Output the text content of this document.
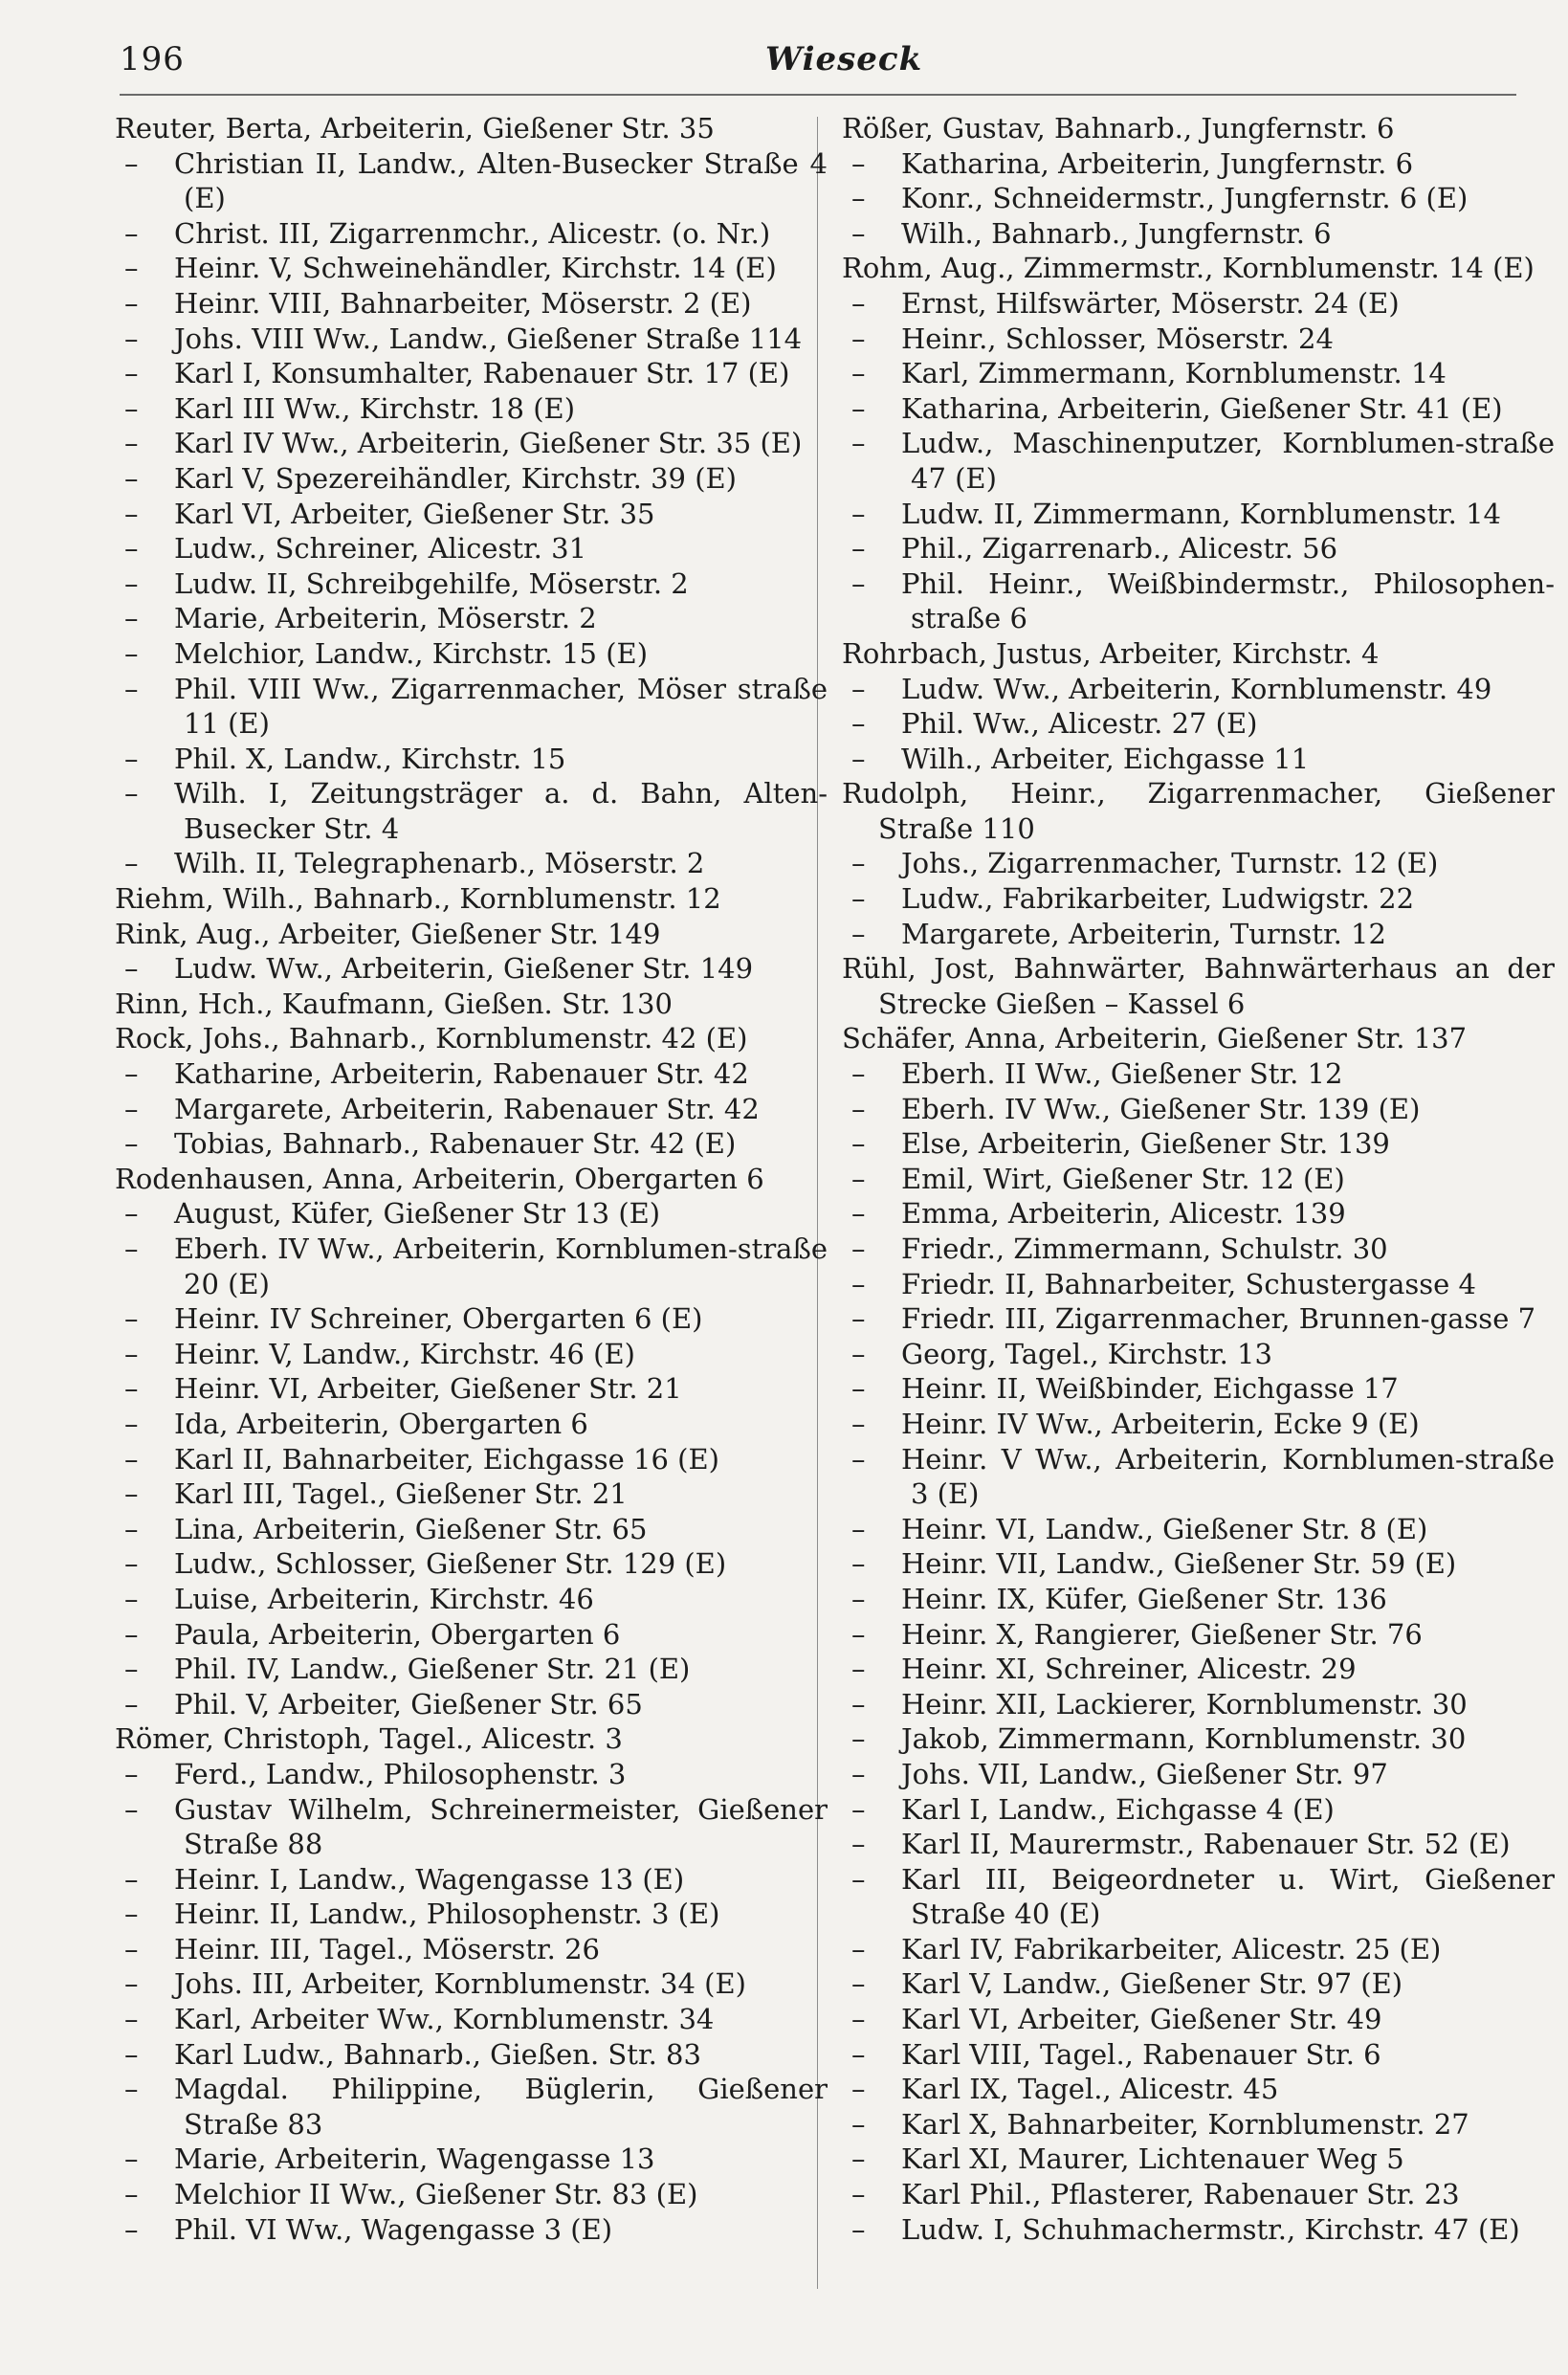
196	Wieseck
Reuter, Berta, Arbeiterin, Gießener Str. 35
– Christian II, Landw., Alten-Busecker Straße 4 (E)
– Christ. III, Zigarrenmchr., Alicestr. (o. Nr.)
– Heinr. V, Schweinehändler, Kirchstr. 14 (E)
– Heinr. VIII, Bahnarbeiter, Möserstr. 2 (E)
– Johs. VIII Ww., Landw., Gießener Straße 114
– Karl I, Konsumhalter, Rabenauer Str. 17 (E)
– Karl III Ww., Kirchstr. 18 (E)
– Karl IV Ww., Arbeiterin, Gießener Str. 35 (E)
– Karl V, Spezereihändler, Kirchstr. 39 (E)
– Karl VI, Arbeiter, Gießener Str. 35
– Ludw., Schreiner, Alicestr. 31
– Ludw. II, Schreibgehilfe, Möserstr. 2
– Marie, Arbeiterin, Möserstr. 2
– Melchior, Landw., Kirchstr. 15 (E)
– Phil. VIII Ww., Zigarrenmacher, Möser straße 11 (E)
– Phil. X, Landw., Kirchstr. 15
– Wilh. I, Zeitungsträger a. d. Bahn, Alten-Busecker Str. 4
– Wilh. II, Telegraphenarb., Möserstr. 2
Riehm, Wilh., Bahnarb., Kornblumenstr. 12
Rink, Aug., Arbeiter, Gießener Str. 149
– Ludw. Ww., Arbeiterin, Gießener Str. 149
Rinn, Hch., Kaufmann, Gießen. Str. 130
Rock, Johs., Bahnarb., Kornblumenstr. 42 (E)
– Katharine, Arbeiterin, Rabenauer Str. 42
– Margarete, Arbeiterin, Rabenauer Str. 42
– Tobias, Bahnarb., Rabenauer Str. 42 (E)
Rodenhausen, Anna, Arbeiterin, Obergarten 6
– August, Küfer, Gießener Str 13 (E)
– Eberh. IV Ww., Arbeiterin, Kornblumen-straße 20 (E)
– Heinr. IV Schreiner, Obergarten 6 (E)
– Heinr. V, Landw., Kirchstr. 46 (E)
– Heinr. VI, Arbeiter, Gießener Str. 21
– Ida, Arbeiterin, Obergarten 6
– Karl II, Bahnarbeiter, Eichgasse 16 (E)
– Karl III, Tagel., Gießener Str. 21
– Lina, Arbeiterin, Gießener Str. 65
– Ludw., Schlosser, Gießener Str. 129 (E)
– Luise, Arbeiterin, Kirchstr. 46
– Paula, Arbeiterin, Obergarten 6
– Phil. IV, Landw., Gießener Str. 21 (E)
– Phil. V, Arbeiter, Gießener Str. 65
Römer, Christoph, Tagel., Alicestr. 3
– Ferd., Landw., Philosophenstr. 3
– Gustav Wilhelm, Schreinermeister, Gießener Straße 88
– Heinr. I, Landw., Wagengasse 13 (E)
– Heinr. II, Landw., Philosophenstr. 3 (E)
– Heinr. III, Tagel., Möserstr. 26
– Johs. III, Arbeiter, Kornblumenstr. 34 (E)
– Karl, Arbeiter Ww., Kornblumenstr. 34
– Karl Ludw., Bahnarb., Gießen. Str. 83
– Magdal. Philippine, Büglerin, Gießener Straße 83
– Marie, Arbeiterin, Wagengasse 13
– Melchior II Ww., Gießener Str. 83 (E)
– Phil. VI Ww., Wagengasse 3 (E)
Rößer, Gustav, Bahnarb., Jungfernstr. 6
– Katharina, Arbeiterin, Jungfernstr. 6
– Konr., Schneidermstr., Jungfernstr. 6 (E)
– Wilh., Bahnarb., Jungfernstr. 6
Rohm, Aug., Zimmermstr., Kornblumenstr. 14 (E)
– Ernst, Hilfswärter, Möserstr. 24 (E)
– Heinr., Schlosser, Möserstr. 24
– Karl, Zimmermann, Kornblumenstr. 14
– Katharina, Arbeiterin, Gießener Str. 41 (E)
– Ludw., Maschinenputzer, Kornblumen-straße 47 (E)
– Ludw. II, Zimmermann, Kornblumenstr. 14
– Phil., Zigarrenarb., Alicestr. 56
– Phil. Heinr., Weißbindermstr., Philosophen-straße 6
Rohrbach, Justus, Arbeiter, Kirchstr. 4
– Ludw. Ww., Arbeiterin, Kornblumenstr. 49
– Phil. Ww., Alicestr. 27 (E)
– Wilh., Arbeiter, Eichgasse 11
Rudolph, Heinr., Zigarrenmacher, Gießener Straße 110
– Johs., Zigarrenmacher, Turnstr. 12 (E)
– Ludw., Fabrikarbeiter, Ludwigstr. 22
– Margarete, Arbeiterin, Turnstr. 12
Rühl, Jost, Bahnwärter, Bahnwärterhaus an der Strecke Gießen – Kassel 6
Schäfer, Anna, Arbeiterin, Gießener Str. 137
– Eberh. II Ww., Gießener Str. 12
– Eberh. IV Ww., Gießener Str. 139 (E)
– Else, Arbeiterin, Gießener Str. 139
– Emil, Wirt, Gießener Str. 12 (E)
– Emma, Arbeiterin, Alicestr. 139
– Friedr., Zimmermann, Schulstr. 30
– Friedr. II, Bahnarbeiter, Schustergasse 4
– Friedr. III, Zigarrenmacher, Brunnen-gasse 7
– Georg, Tagel., Kirchstr. 13
– Heinr. II, Weißbinder, Eichgasse 17
– Heinr. IV Ww., Arbeiterin, Ecke 9 (E)
– Heinr. V Ww., Arbeiterin, Kornblumen-straße 3 (E)
– Heinr. VI, Landw., Gießener Str. 8 (E)
– Heinr. VII, Landw., Gießener Str. 59 (E)
– Heinr. IX, Küfer, Gießener Str. 136
– Heinr. X, Rangierer, Gießener Str. 76
– Heinr. XI, Schreiner, Alicestr. 29
– Heinr. XII, Lackierer, Kornblumenstr. 30
– Jakob, Zimmermann, Kornblumenstr. 30
– Johs. VII, Landw., Gießener Str. 97
– Karl I, Landw., Eichgasse 4 (E)
– Karl II, Maurermstr., Rabenauer Str. 52 (E)
– Karl III, Beigeordneter u. Wirt, Gießener Straße 40 (E)
– Karl IV, Fabrikarbeiter, Alicestr. 25 (E)
– Karl V, Landw., Gießener Str. 97 (E)
– Karl VI, Arbeiter, Gießener Str. 49
– Karl VIII, Tagel., Rabenauer Str. 6
– Karl IX, Tagel., Alicestr. 45
– Karl X, Bahnarbeiter, Kornblumenstr. 27
– Karl XI, Maurer, Lichtenauer Weg 5
– Karl Phil., Pflasterer, Rabenauer Str. 23
– Ludw. I, Schuhmachermstr., Kirchstr. 47 (E)
